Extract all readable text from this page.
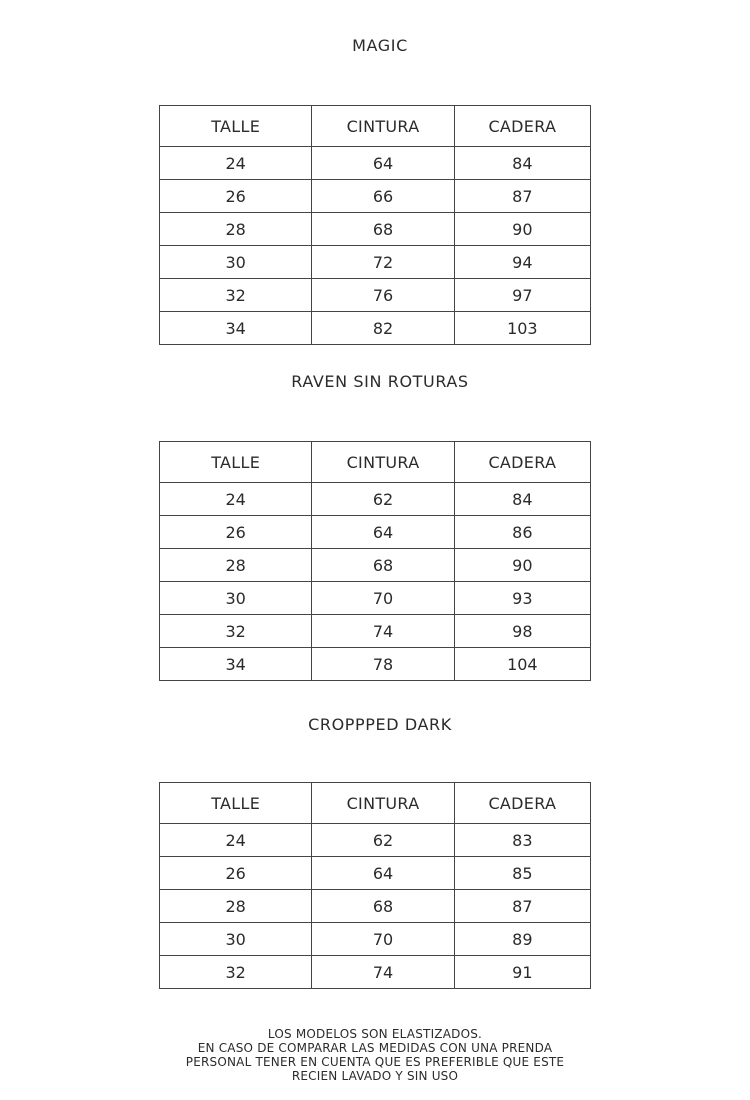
MAGIC
TALLE	CINTURA	CADERA
24	64	84
26	66	87
28	68	90
30	72	94
32	76	97
34	82	103
RAVEN SIN ROTURAS
TALLE	CINTURA	CADERA
24	62	84
26	64	86
28	68	90
30	70	93
32	74	98
34	78	104
CROPPPED DARK
TALLE	CINTURA	CADERA
24	62	83
26	64	85
28	68	87
30	70	89
32	74	91
LOS MODELOS SON ELASTIZADOS.
EN CASO DE COMPARAR LAS MEDIDAS CON UNA PRENDA
PERSONAL TENER EN CUENTA QUE ES PREFERIBLE QUE ESTE
RECIEN LAVADO Y SIN USO
